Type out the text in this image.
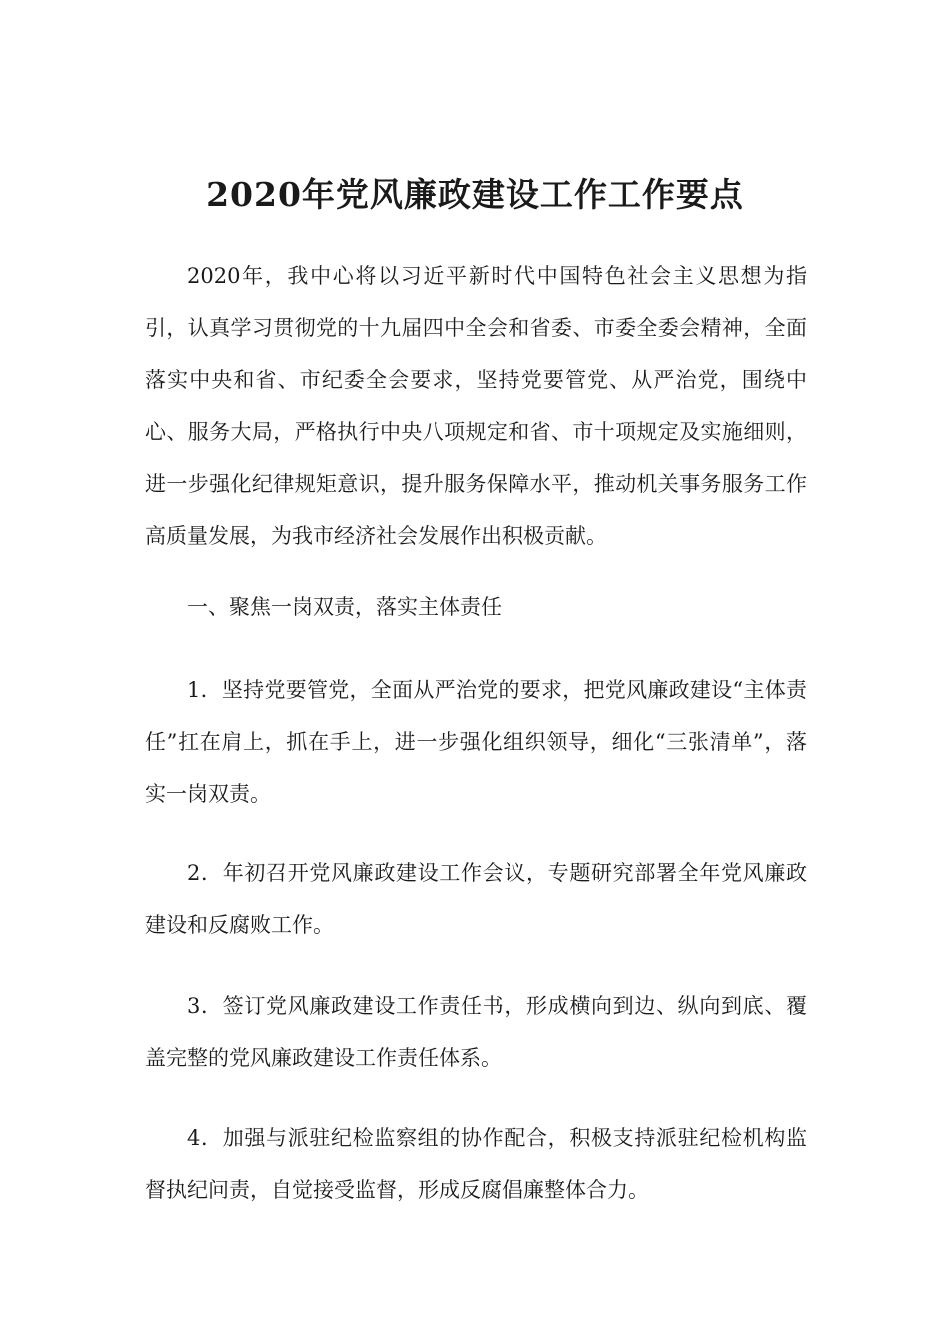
2020年党风廉政建设工作工作要点

2020年，我中心将以习近平新时代中国特色社会主义思想为指引，认真学习贯彻党的十九届四中全会和省委、市委全委会精神，全面落实中央和省、市纪委全会要求，坚持党要管党、从严治党，围绕中心、服务大局，严格执行中央八项规定和省、市十项规定及实施细则，进一步强化纪律规矩意识，提升服务保障水平，推动机关事务服务工作高质量发展，为我市经济社会发展作出积极贡献。

一、聚焦一岗双责，落实主体责任

1．坚持党要管党，全面从严治党的要求，把党风廉政建设“主体责任”扛在肩上，抓在手上，进一步强化组织领导，细化“三张清单”，落实一岗双责。

2．年初召开党风廉政建设工作会议，专题研究部署全年党风廉政建设和反腐败工作。

3．签订党风廉政建设工作责任书，形成横向到边、纵向到底、覆盖完整的党风廉政建设工作责任体系。

4．加强与派驻纪检监察组的协作配合，积极支持派驻纪检机构监督执纪问责，自觉接受监督，形成反腐倡廉整体合力。
